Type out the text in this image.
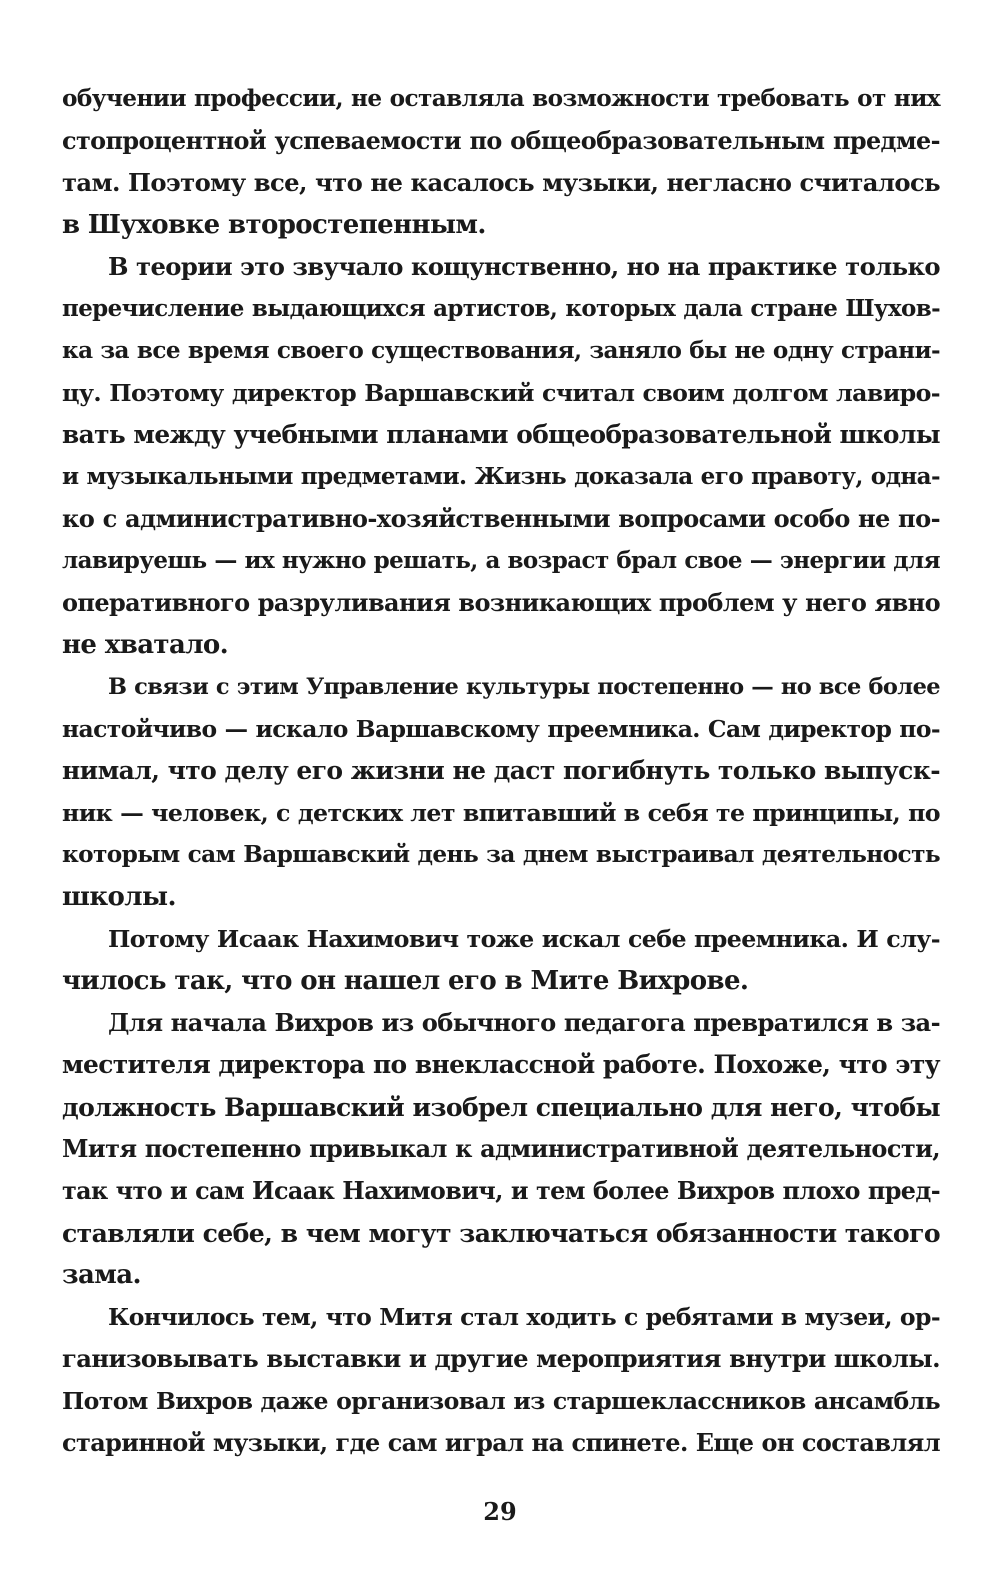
обучении профессии, не оставляла возможности требовать от них
стопроцентной успеваемости по общеобразовательным предме-
там. Поэтому все, что не касалось музыки, негласно считалось
в Шуховке второстепенным.

В теории это звучало кощунственно, но на практике только
перечисление выдающихся артистов, которых дала стране Шухов-
ка за все время своего существования, заняло бы не одну страни-
цу. Поэтому директор Варшавский считал своим долгом лавиро-
вать между учебными планами общеобразовательной школы
и музыкальными предметами. Жизнь доказала его правоту, одна-
ко с административно-хозяйственными вопросами особо не по-
лавируешь — их нужно решать, а возраст брал свое — энергии для
оперативного разруливания возникающих проблем у него явно
не хватало.

В связи с этим Управление культуры постепенно — но все более
настойчиво — искало Варшавскому преемника. Сам директор по-
нимал, что делу его жизни не даст погибнуть только выпуск-
ник — человек, с детских лет впитавший в себя те принципы, по
которым сам Варшавский день за днем выстраивал деятельность
школы.

Потому Исаак Нахимович тоже искал себе преемника. И слу-
чилось так, что он нашел его в Мите Вихрове.

Для начала Вихров из обычного педагога превратился в за-
местителя директора по внеклассной работе. Похоже, что эту
должность Варшавский изобрел специально для него, чтобы
Митя постепенно привыкал к административной деятельности,
так что и сам Исаак Нахимович, и тем более Вихров плохо пред-
ставляли себе, в чем могут заключаться обязанности такого
зама.

Кончилось тем, что Митя стал ходить с ребятами в музеи, ор-
ганизовывать выставки и другие мероприятия внутри школы.
Потом Вихров даже организовал из старшеклассников ансамбль
старинной музыки, где сам играл на спинете. Еще он составлял

29
